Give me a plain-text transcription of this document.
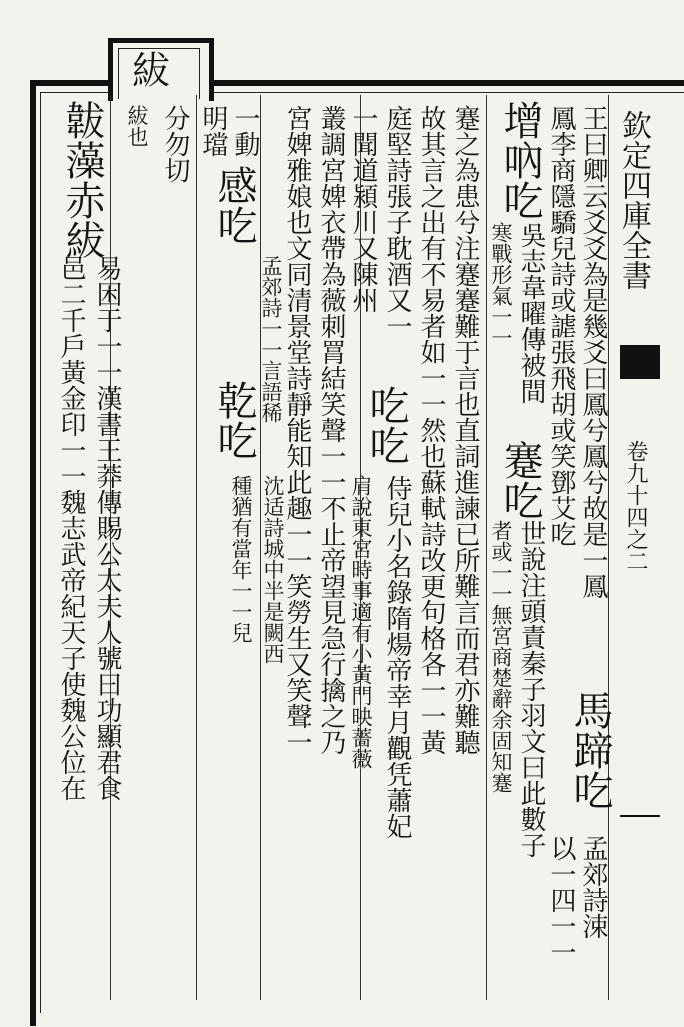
紱
欽定四庫全書
卷九十四之二
王曰卿云爻爻為是幾爻曰鳳兮鳳兮故是一鳳
鳳李商隱驕兒詩或謔張飛胡或笑鄧艾吃
馬蹄吃
孟郊詩涑
以一四一一
增吶吃
吳志韋曜傳被間
寒戰形氣一一
蹇吃
世說注頭責秦子羽文曰此數子
者或一一無宮商楚辭余固知蹇
蹇之為患兮注蹇蹇難于言也直詞進諫已所難言而君亦難聽
故其言之出有不易者如一一然也蘇軾詩改更句格各一一黃
庭堅詩張子耽酒又一
吃吃
侍兒小名錄隋煬帝幸月觀凭蕭妃
肩說東宮時事適有小黃門映薔薇
一聞道潁川又陳州
叢調宮婢衣帶為薇刺罥結笑聲一一不止帝望見急行擒之乃
宮婢雅娘也文同清景堂詩靜能知此趣一一笑勞生又笑聲一
一動
感吃
孟郊詩一一言語稀
乾吃
沈适詩城中半是闕西
明璫
種猶有當年一一兒
分勿切
紱也
韍藻赤紱
易困于一一漢書王莽傳賜公太夫人號曰功顯君食
邑二千戶黃金印一一魏志武帝紀天子使魏公位在
